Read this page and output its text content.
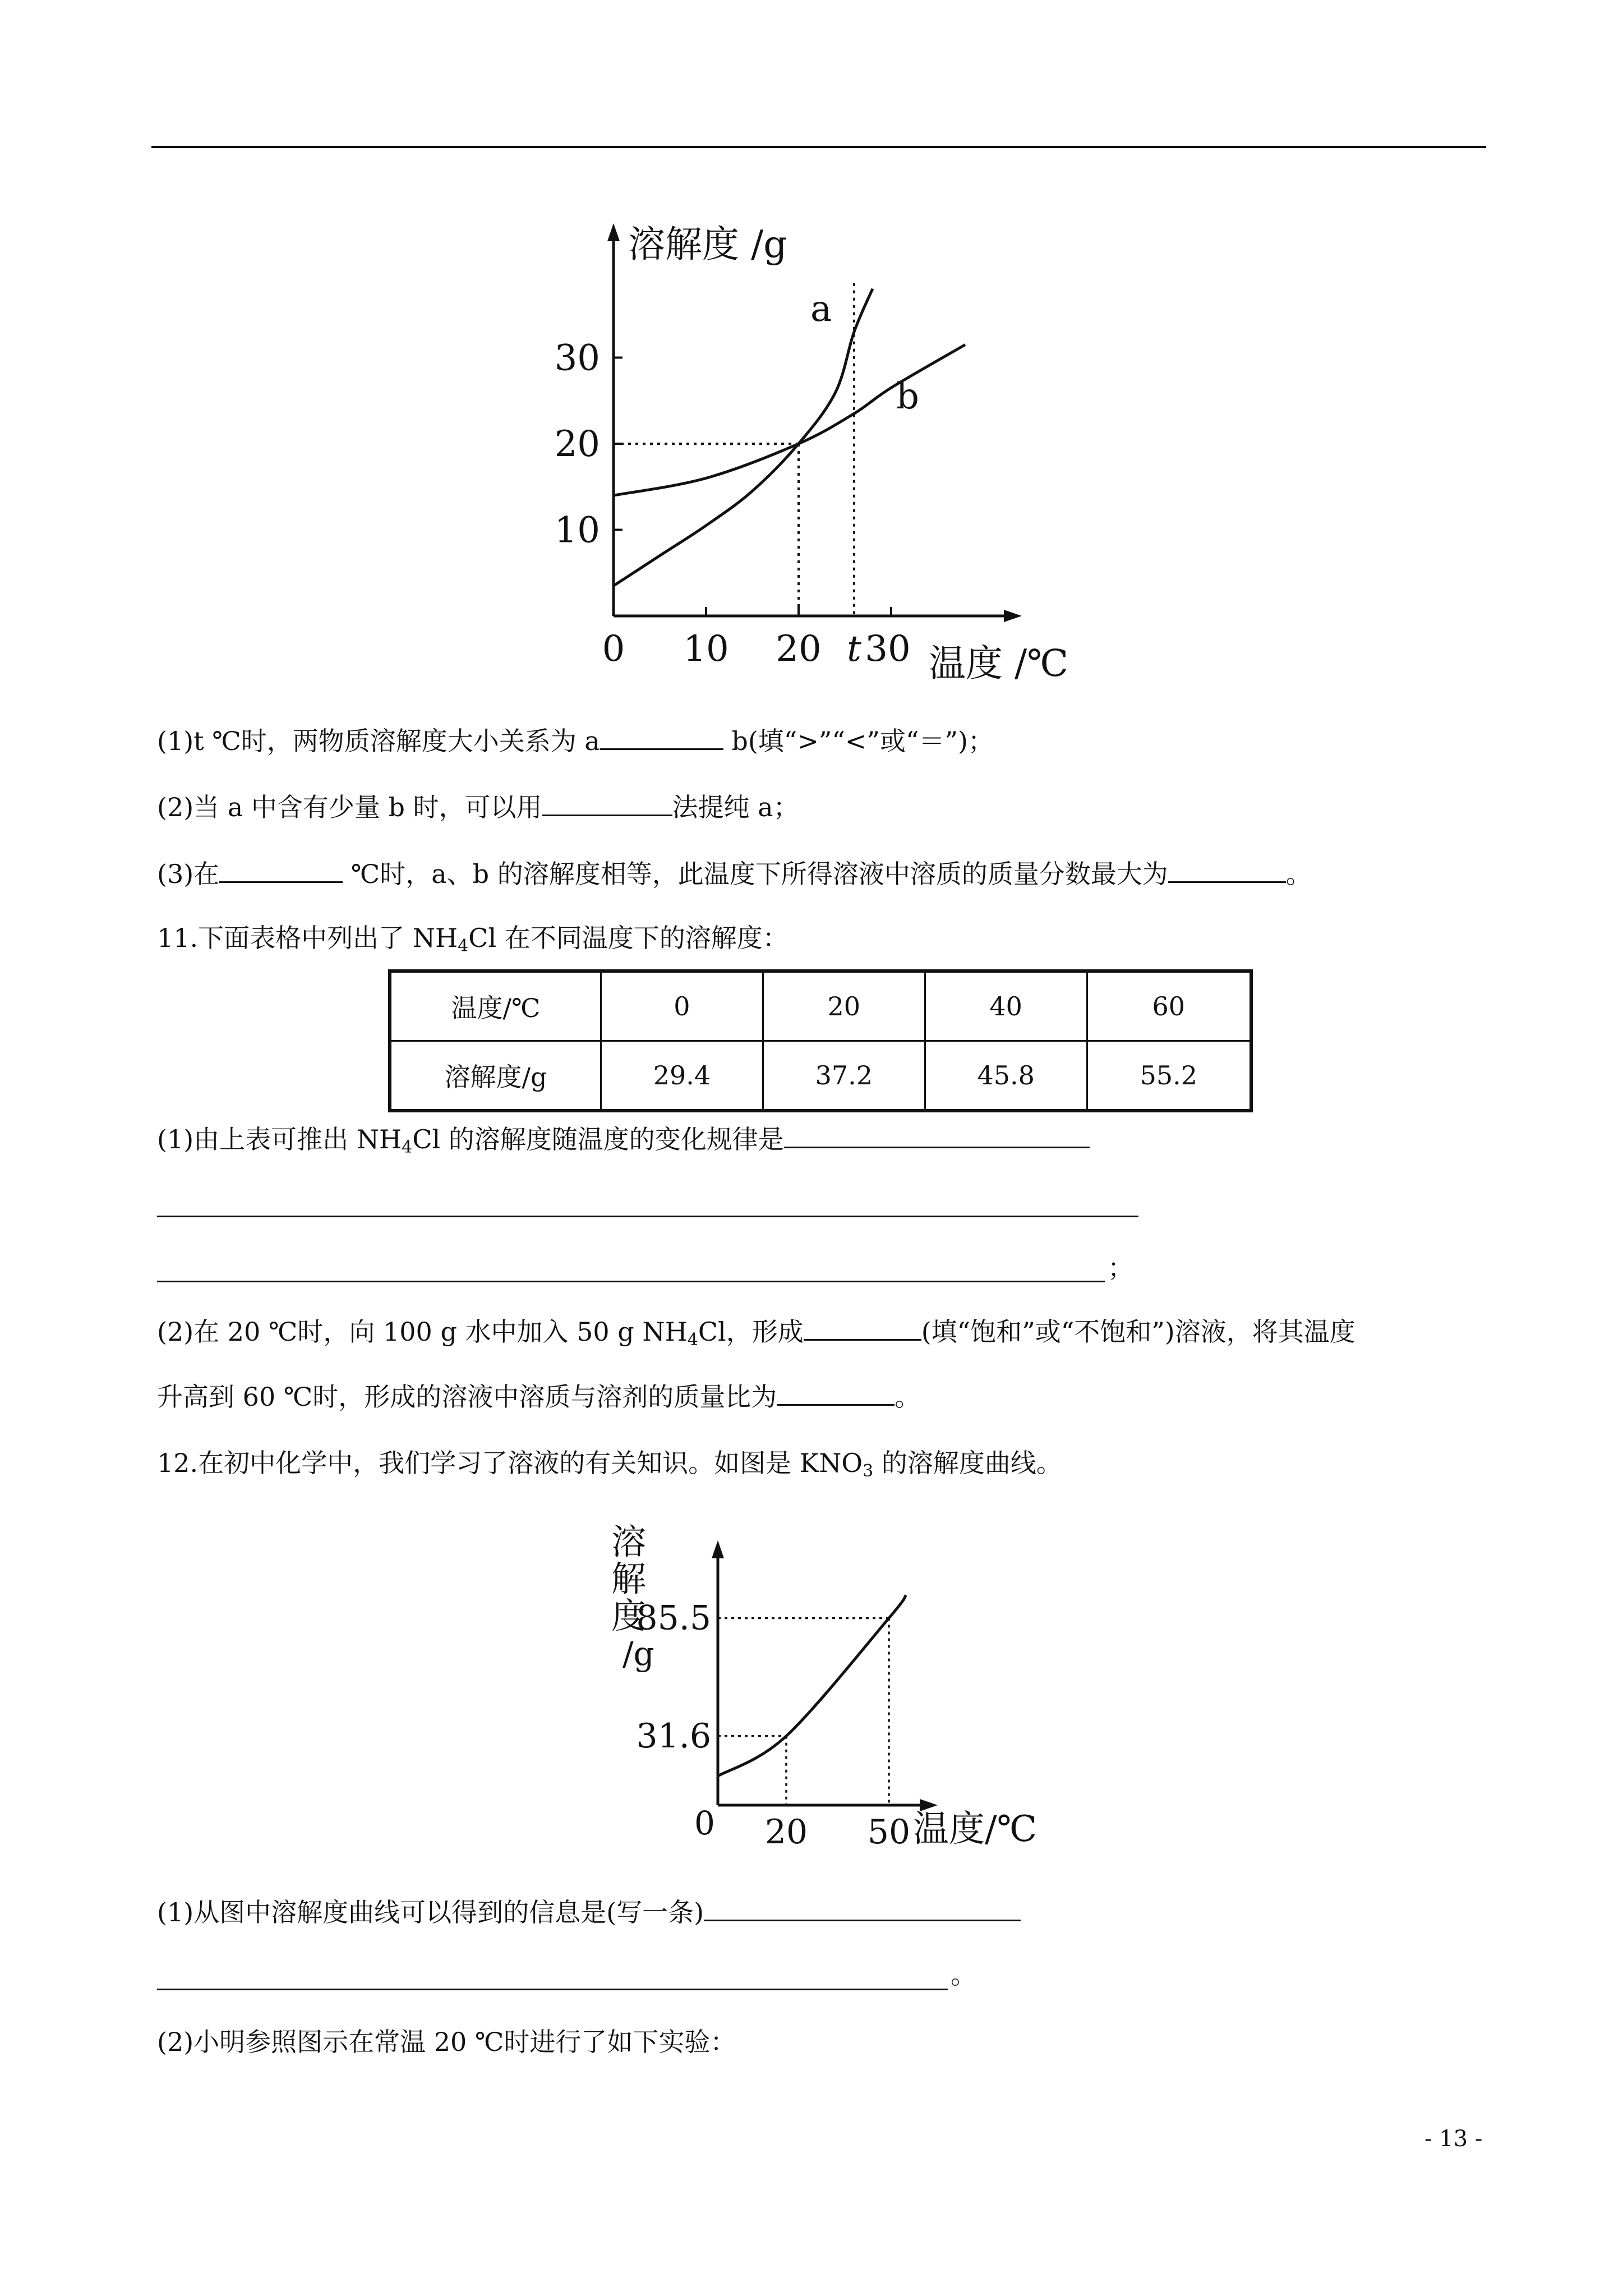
a
b
10
20
30
0 10 20 t 30
溶解度 /g
温度 /℃
(1)t ℃时，两物质溶解度大小关系为 a	b(填“>”“<”或“＝”)；
(2)当 a 中含有少量 b 时，可以用	法提纯 a；
(3)在	℃时，a、b 的溶解度相等，此温度下所得溶液中溶质的质量分数最大为	。
11.下面表格中列出了 $NH_4Cl$ 在不同温度下的溶解度：
温度/℃	0	20	40	60
溶解度/g	29.4	37.2	45.8	55.2
(1)由上表可推出 $NH_4Cl$ 的溶解度随温度的变化规律是
；
(2)在 20 ℃时，向 100 g 水中加入 50 g $NH_4Cl$，形成	(填“饱和”或“不饱和”)溶液，将其温度
升高到 60 ℃时，形成的溶液中溶质与溶剂的质量比为	。
12.在初中化学中，我们学习了溶液的有关知识。如图是 $KNO_3$ 的溶解度曲线。
31.6
85.5
20 50
溶
解
度
/g
0	温度/℃
(1)从图中溶解度曲线可以得到的信息是(写一条)
。
(2)小明参照图示在常温 20 ℃时进行了如下实验：
- 13 -
